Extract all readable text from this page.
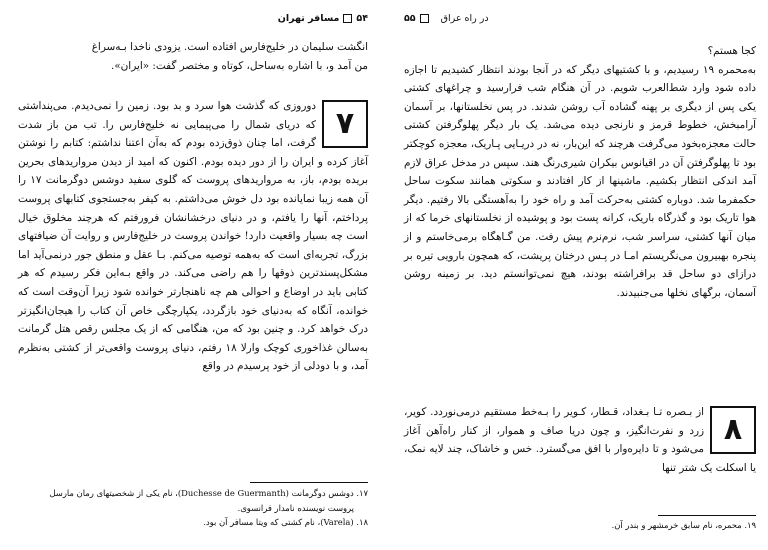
۵۴
مسافر تهران

انگشت سلیمان در خلیج‌فارس افتاده است. یزودی ناخدا بـه‌سراغ

من آمد و، با اشاره به‌ساحل، کوتاه و مختصر گفت: «ایران».

۷

دوروزی که گذشت هوا سرد و بد بود. زمین را نمی‌دیدم. می‌پنداشتی که دریای شمال را می‌پیمایی نه خلیج‌فارس را. تب من باز شدت گرفت، اما چنان ذوق‌زده بودم که به‌آن اعتنا نداشتم: کتابم را نوشتن آغاز کرده و ایران را از دور دیده بودم. اکنون که امید از دیدن مرواریدهای بحرین بریده بودم، باز، به مرواریدهای پروست که گلوی سفید دوشس دوگرمانت ۱۷ را آن همه زیبا نمایانده بود دل خوش می‌داشتم. به کیفر به‌جستجوی کتابهای پروست پرداختم، آنها را یافتم، و در دنیای درخشانشان فرورفتم که هرچند مخلوق خیال است چه بسیار واقعیت دارد! خواندن پروست در خلیج‌فارس و روایت آن ضیافتهای بزرگ، تجربه‌ای است که به‌همه توصیه می‌کنم. بـا عقل و منطق جور درنمی‌آید اما مشکل‌پسندترین ذوقها را هم راضی می‌کند. در واقع بـه‌این فکر رسیدم که هر کتابی باید در اوضاع و احوالی هم چه ناهنجارتر خوانده شود زیرا آن‌وقت است که خوانده، آنگاه که به‌دنیای خود بازگردد، یکپارچگی خاص آن کتاب را هیجان‌انگیزتر درک خواهد کرد. و چنین بود که من، هنگامی که از یک مجلس رقص هتل گرمانت به‌سالن غذاخوری کوچک وارلا ۱۸ رفتم، دنیای پروست واقعی‌تر از کشتی به‌نظرم آمد، و با دودلی از خود پرسیدم در واقع

۱۷. دوشس دوگرمانت (Duchesse de Guermanth)، نام یکی از شخصیتهای رمان مارسل

پروست نویسنده نامدار فرانسوی.

۱۸. (Varela)، نام کشتی که ویتا مسافر آن بود.

در راه عراق
۵۵

کجا هستم؟

به‌محمره ۱۹ رسیدیم، و با کشتیهای دیگر که در آنجا بودند انتظار کشیدیم تا اجازه داده شود وارد شط‌العرب شویم. در آن هنگام شب فرارسید و چراغهای کشتی یکی پس از دیگری بر پهنه گشاده آب روشن شدند. در پس نخلستانها، بر آسمان آرامبخش، خطوط قرمز و نارنجی دیده می‌شد. یک بار دیگر پهلوگرفتن کشتی حالت معجزه‌بخود می‌گرفت هرچند که این‌بار، نه در دریـایی پـاریک، معجزه کوچکتر بود تا پهلوگرفتن آن در اقیانوس بیکران شیری‌رنگ هند. سپس در مدخل عراق لازم آمد اندکی انتظار بکشیم. ماشینها از کار افتادند و سکوتی همانند سکوت ساحل حکمفرما شد. دوباره کشتی به‌حرکت آمد و راه خود را به‌آهستگی بالا رفتیم. دیگر هوا تاریک بود و گذرگاه باریک، کرانه پست بود و پوشیده از نخلستانهای خرما که از میان آنها کشتی، سراسر شب، نرم‌نرم پیش رفت. من گـاهگاه برمی‌خاستم و از پنجره بهبیرون می‌نگریستم امـا در پـس درختان پریشت، که همچون بارویی تیره بر درازای دو ساحل قد برافراشته بودند، هیچ نمی‌توانستم دید. بر زمینه روشن آسمان، برگهای نخلها می‌جنبیدند.

۸

از بـصره تـا بـغداد، قـطار، کـویر را بـه‌خط مستقیم درمی‌نوردد. کویر، زرد و نفرت‌انگیز، و چون دریا صاف و هموار، از کنار راه‌آهن آغاز می‌شود و تا دایره‌وار با افق می‌گسترد. خس و خاشاک، چند لایه نمک، یا اسکلت یک شتر تنها

۱۹. محمره، نام سابق خرمشهر و بندر آن.
